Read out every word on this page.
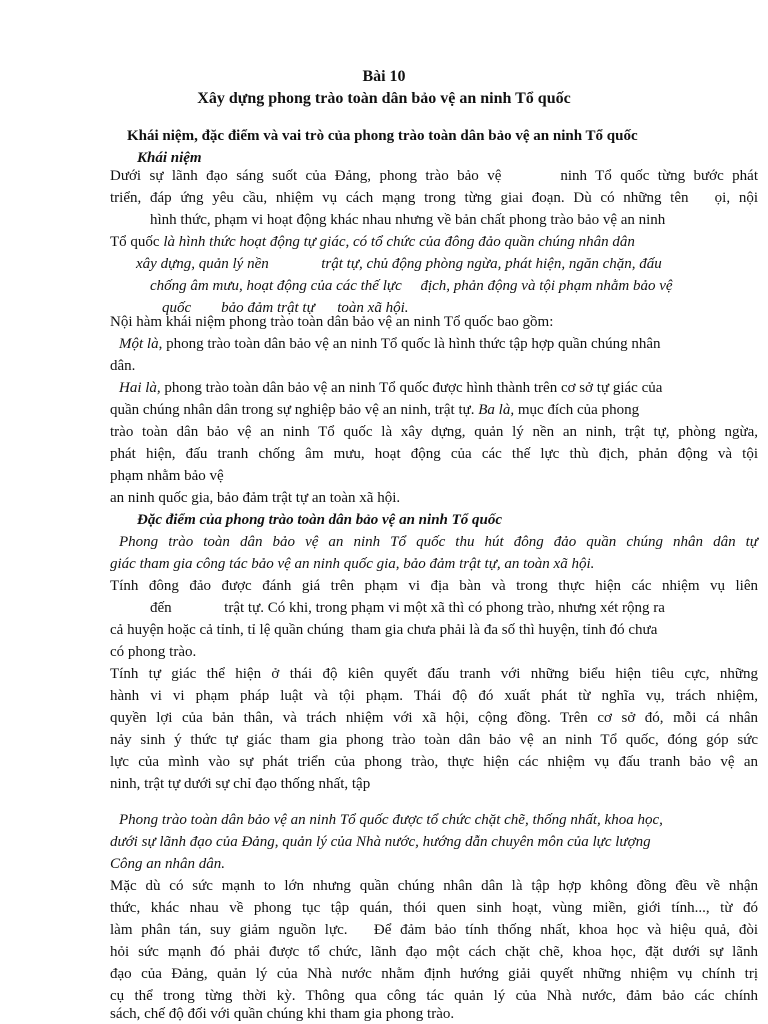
Bài 10
Xây dựng phong trào toàn dân bảo vệ an ninh Tổ quốc
Khái niệm, đặc điểm và vai trò của phong trào toàn dân bảo vệ an ninh Tổ quốc
Khái niệm
Dưới sự lãnh đạo sáng suốt của Đảng, phong trào bảo vệ       ninh Tổ quốc từng bước phát
triển, đáp ứng yêu cầu, nhiệm vụ cách mạng trong từng giai đoạn. Dù có những tên   ọi, nội
hình thức, phạm vi hoạt động khác nhau nhưng về bản chất phong trào bảo vệ an ninh
Tổ quốc là hình thức hoạt động tự giác, có tổ chức của đông đảo quần chúng nhân dân
xây dựng, quản lý nền              trật tự, chủ động phòng ngừa, phát hiện, ngăn chặn, đấu
chống âm mưu, hoạt động của các thế lực     địch, phản động và tội phạm nhằm bảo vệ
quốc        bảo đảm trật tự      toàn xã hội.
Nội hàm khái niệm phong trào toàn dân bảo vệ an ninh Tổ quốc bao gồm:
Một là, phong trào toàn dân bảo vệ an ninh Tổ quốc là hình thức tập hợp quần chúng nhân
dân.
Hai là, phong trào toàn dân bảo vệ an ninh Tổ quốc được hình thành trên cơ sở tự giác của
quần chúng nhân dân trong sự nghiệp bảo vệ an ninh, trật tự. Ba là, mục đích của phong
trào toàn dân bảo vệ an ninh Tổ quốc là xây dựng, quản lý nền an ninh, trật tự, phòng ngừa,
phát hiện, đấu tranh chống âm mưu, hoạt động của các thế lực thù địch, phản động và tội
phạm nhằm bảo vệ
an ninh quốc gia, bảo đảm trật tự an toàn xã hội.
Đặc điểm của phong trào toàn dân bảo vệ an ninh Tổ quốc
Phong trào toàn dân bảo vệ an ninh Tổ quốc thu hút đông đảo quần chúng nhân dân tự
giác tham gia công tác bảo vệ an ninh quốc gia, bảo đảm trật tự, an toàn xã hội.
Tính đông đảo được đánh giá trên phạm vi địa bàn và trong thực hiện các nhiệm vụ liên
đến              trật tự. Có khi, trong phạm vi một xã thì có phong trào, nhưng xét rộng ra
cả huyện hoặc cả tỉnh, tỉ lệ quần chúng  tham gia chưa phải là đa số thì huyện, tỉnh đó chưa
có phong trào.
Tính tự giác thể hiện ở thái độ kiên quyết đấu tranh với những biểu hiện tiêu cực, những
hành vi vi phạm pháp luật và tội phạm. Thái độ đó xuất phát từ nghĩa vụ, trách nhiệm,
quyền lợi của bản thân, và trách nhiệm với xã hội, cộng đồng. Trên cơ sở đó, mỗi cá nhân
nảy sinh ý thức tự giác tham gia phong trào toàn dân bảo vệ an ninh Tổ quốc, đóng góp sức
lực của mình vào sự phát triển của phong trào, thực hiện các nhiệm vụ đấu tranh bảo vệ an
ninh, trật tự dưới sự chỉ đạo thống nhất, tập
Phong trào toàn dân bảo vệ an ninh Tổ quốc được tổ chức chặt chẽ, thống nhất, khoa học,
dưới sự lãnh đạo của Đảng, quản lý của Nhà nước, hướng dẫn chuyên môn của lực lượng
Công an nhân dân.
Mặc dù có sức mạnh to lớn nhưng quần chúng nhân dân là tập hợp không đồng đều về nhận
thức, khác nhau về phong tục tập quán, thói quen sinh hoạt, vùng miền, giới tính..., từ đó
làm phân tán, suy giảm nguồn lực.   Để đảm bảo tính thống nhất, khoa học và hiệu quả, đòi
hỏi sức mạnh đó phải được tổ chức, lãnh đạo một cách chặt chẽ, khoa học, đặt dưới sự lãnh
đạo của Đảng, quản lý của Nhà nước nhằm định hướng giải quyết những nhiệm vụ chính trị
cụ thể trong từng thời kỳ. Thông qua công tác quản lý của Nhà nước, đảm bảo các chính
sách, chế độ đối với quần chúng khi tham gia phong trào.
